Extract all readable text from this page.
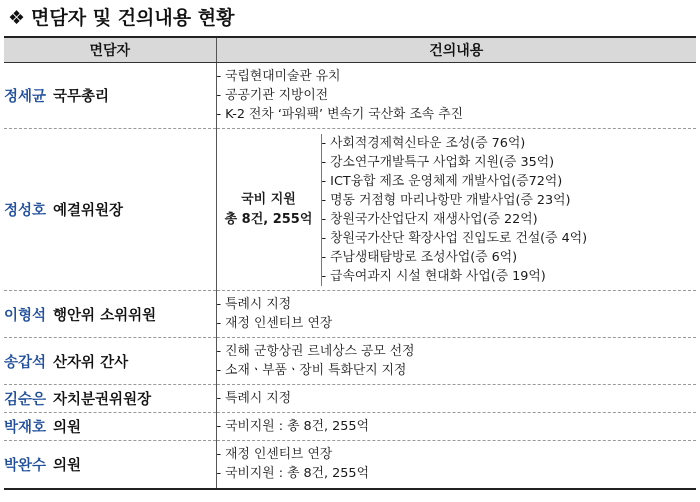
❖ 면담자 및 건의내용 현황
면담자	건의내용
정세균 국무총리	
- 국립현대미술관 유치
- 공공기관 지방이전
- K-2 전차 ‘파워팩’ 변속기 국산화 조속 추진

정성호 예결위원장	
국비 지원
총 8건, 255억

- 사회적경제혁신타운 조성(증 76억)
- 강소연구개발특구 사업화 지원(증 35억)
- ICT융합 제조 운영체제 개발사업(증72억)
- 명동 거점형 마리나항만 개발사업(증 23억)
- 창원국가산업단지 재생사업(증 22억)
- 창원국가산단 확장사업 진입도로 건설(증 4억)
- 주남생태탐방로 조성사업(증 6억)
- 급속여과지 시설 현대화 사업(증 19억)

이형석 행안위 소위위원	
- 특례시 지정
- 재정 인센티브 연장

송갑석 산자위 간사	
- 진해 군항상권 르네상스 공모 선정
- 소재ㆍ부품ㆍ장비 특화단지 지정

김순은 자치분권위원장	- 특례시 지정

박재호 의원	- 국비지원 : 총 8건, 255억

박완수 의원	
- 재정 인센티브 연장
- 국비지원 : 총 8건, 255억
